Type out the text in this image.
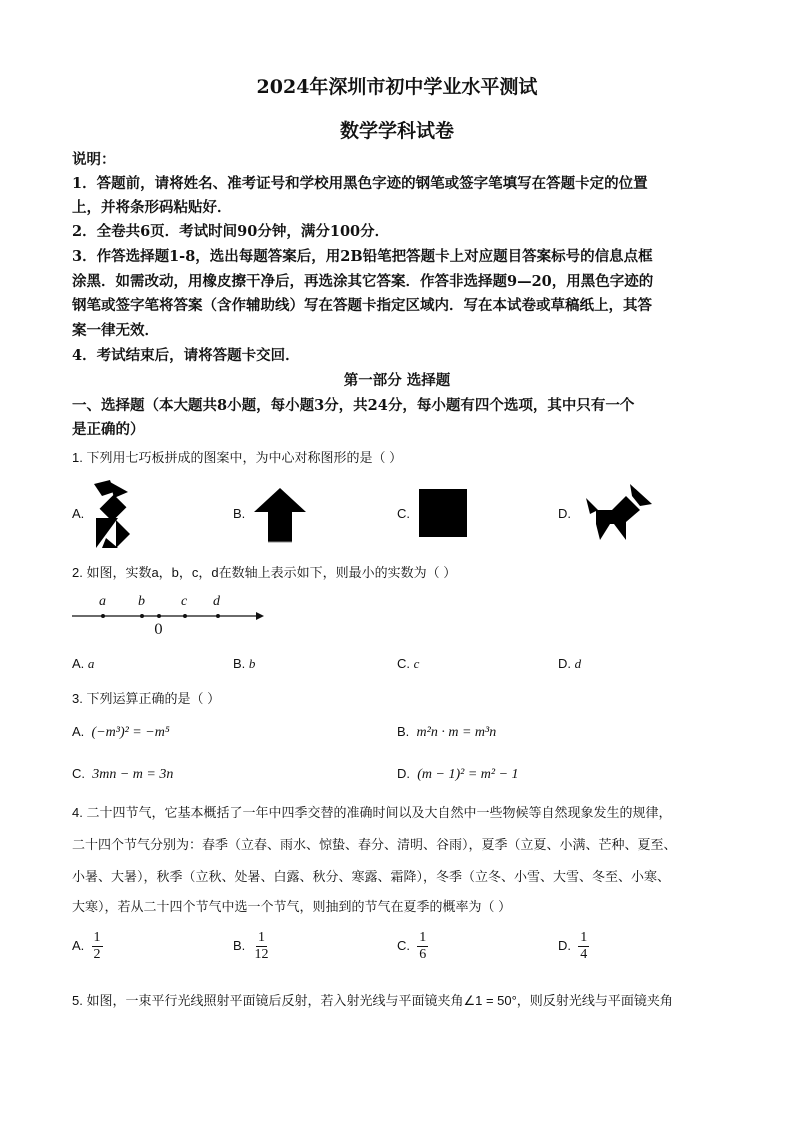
2024年深圳市初中学业水平测试
数学学科试卷
说明：
1．答题前，请将姓名、准考证号和学校用黑色字迹的钢笔或签字笔填写在答题卡定的位置
上，并将条形码粘贴好．
2．全卷共6页．考试时间90分钟，满分100分．
3．作答选择题1-8，选出每题答案后，用2B铅笔把答题卡上对应题目答案标号的信息点框
涂黑．如需改动，用橡皮擦干净后，再选涂其它答案．作答非选择题9—20，用黑色字迹的
钢笔或签字笔将答案（含作辅助线）写在答题卡指定区域内．写在本试卷或草稿纸上，其答
案一律无效．
4．考试结束后，请将答题卡交回．
第一部分 选择题
一、选择题（本大题共8小题，每小题3分，共24分，每小题有四个选项，其中只有一个
是正确的）
1. 下列用七巧板拼成的图案中，为中心对称图形的是（ ）
A.	B.	C.	D.
2. 如图，实数a，b，c，d在数轴上表示如下，则最小的实数为（ ）
a b	c d
0
A. a	B. b	C. c	D. d
3. 下列运算正确的是（ ）
A. (−m³)² = −m⁵	B. m²n · m = m³n
C. 3mn − m = 3n	D. (m − 1)² = m² − 1
4. 二十四节气，它基本概括了一年中四季交替的准确时间以及大自然中一些物候等自然现象发生的规律，
二十四个节气分别为：春季（立春、雨水、惊蛰、春分、清明、谷雨），夏季（立夏、小满、芒种、夏至、
小暑、大暑），秋季（立秋、处暑、白露、秋分、寒露、霜降），冬季（立冬、小雪、大雪、冬至、小寒、
大寒），若从二十四个节气中选一个节气，则抽到的节气在夏季的概率为（ ）
A. $\frac{1}{2}$	B. $\frac{1}{12}$	C. $\frac{1}{6}$	D. $\frac{1}{4}$
5. 如图，一束平行光线照射平面镜后反射，若入射光线与平面镜夹角∠1 = 50°，则反射光线与平面镜夹角
